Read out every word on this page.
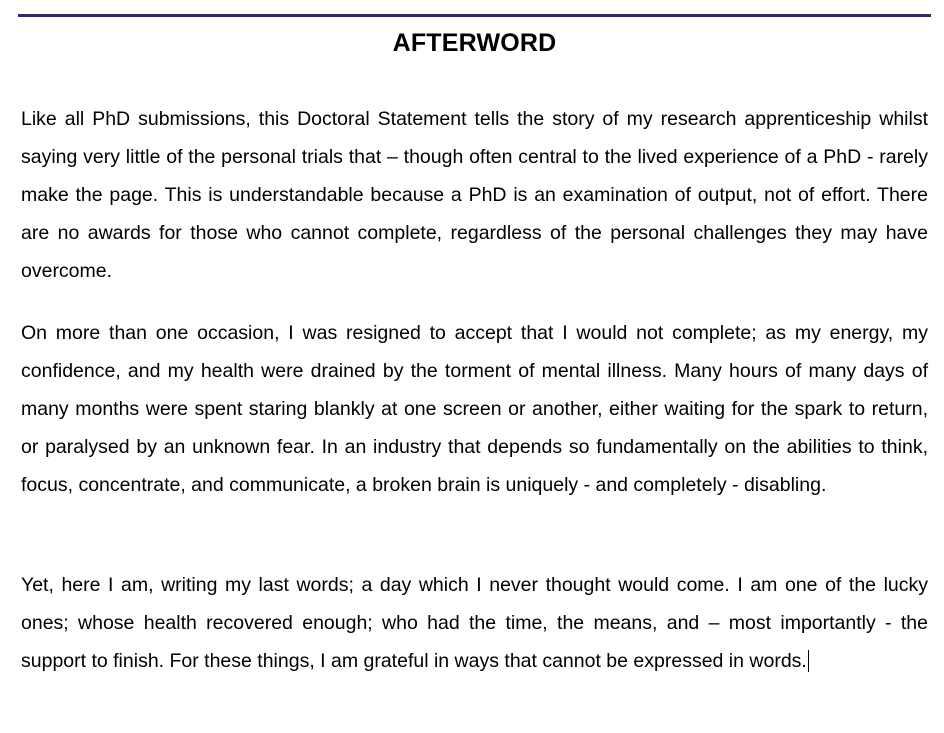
AFTERWORD

Like all PhD submissions, this Doctoral Statement tells the story of my research apprenticeship whilst saying very little of the personal trials that – though often central to the lived experience of a PhD - rarely make the page. This is understandable because a PhD is an examination of output, not of effort. There are no awards for those who cannot complete, regardless of the personal challenges they may have overcome.

On more than one occasion, I was resigned to accept that I would not complete; as my energy, my confidence, and my health were drained by the torment of mental illness. Many hours of many days of many months were spent staring blankly at one screen or another, either waiting for the spark to return, or paralysed by an unknown fear. In an industry that depends so fundamentally on the abilities to think, focus, concentrate, and communicate, a broken brain is uniquely - and completely - disabling.

Yet, here I am, writing my last words; a day which I never thought would come. I am one of the lucky ones; whose health recovered enough; who had the time, the means, and – most importantly - the support to finish. For these things, I am grateful in ways that cannot be expressed in words.
